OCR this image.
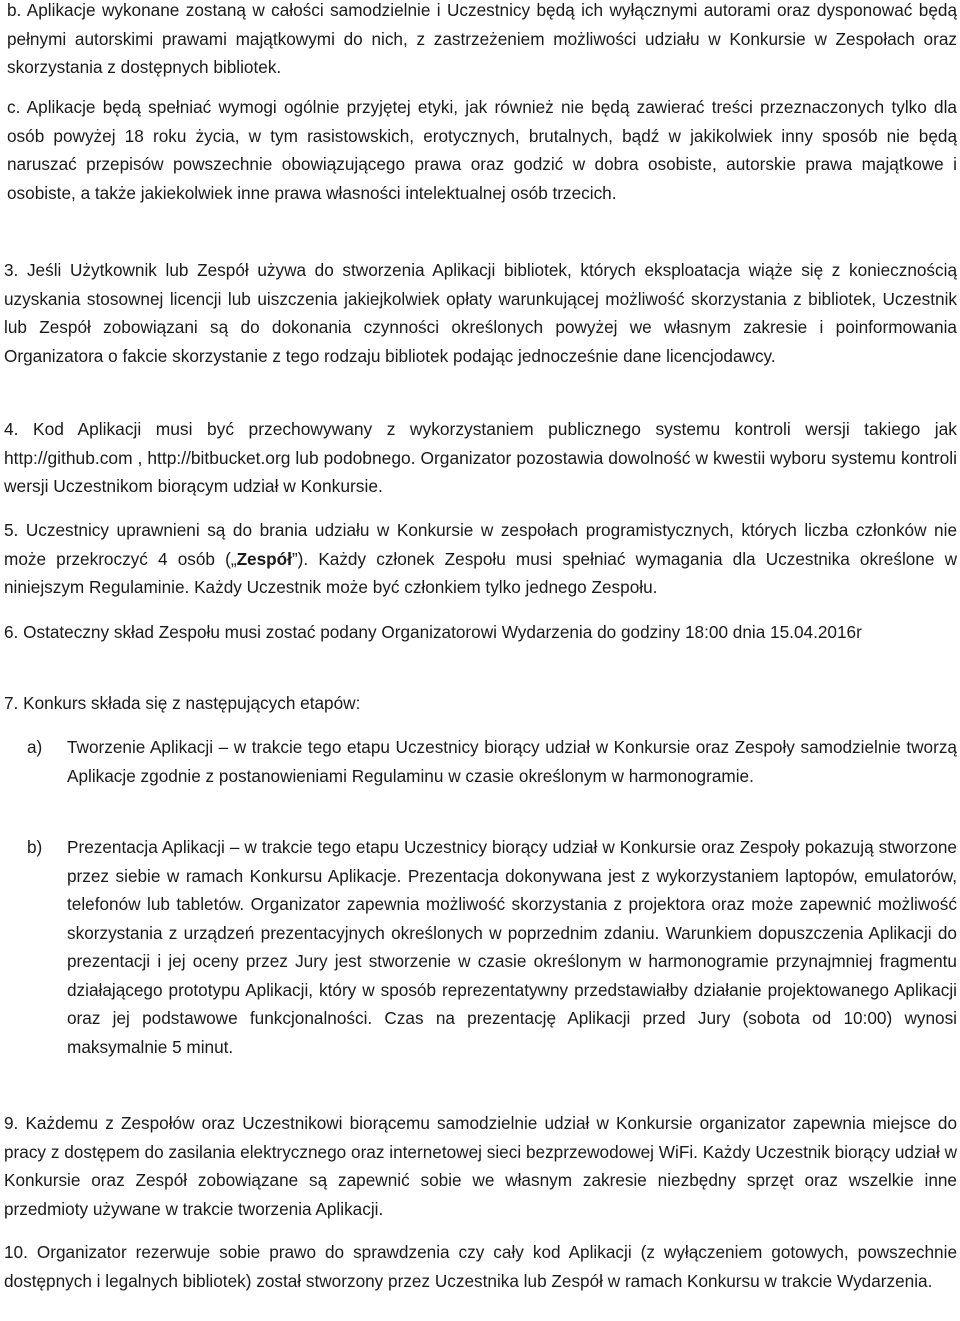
b. Aplikacje wykonane zostaną w całości samodzielnie i Uczestnicy będą ich wyłącznymi autorami oraz dysponować będą pełnymi autorskimi prawami majątkowymi do nich, z zastrzeżeniem możliwości udziału w Konkursie w Zespołach oraz skorzystania z dostępnych bibliotek.
c. Aplikacje będą spełniać wymogi ogólnie przyjętej etyki, jak również nie będą zawierać treści przeznaczonych tylko dla osób powyżej 18 roku życia, w tym rasistowskich, erotycznych, brutalnych, bądź w jakikolwiek inny sposób nie będą naruszać przepisów powszechnie obowiązującego prawa oraz godzić w dobra osobiste, autorskie prawa majątkowe i osobiste, a także jakiekolwiek inne prawa własności intelektualnej osób trzecich.
3. Jeśli Użytkownik lub Zespół używa do stworzenia Aplikacji bibliotek, których eksploatacja wiąże się z koniecznością uzyskania stosownej licencji lub uiszczenia jakiejkolwiek opłaty warunkującej możliwość skorzystania z bibliotek, Uczestnik lub Zespół zobowiązani są do dokonania czynności określonych powyżej we własnym zakresie i poinformowania Organizatora o fakcie skorzystanie z tego rodzaju bibliotek podając jednocześnie dane licencjodawcy.
4. Kod Aplikacji musi być przechowywany z wykorzystaniem publicznego systemu kontroli wersji takiego jak http://github.com , http://bitbucket.org lub podobnego. Organizator pozostawia dowolność w kwestii wyboru systemu kontroli wersji Uczestnikom biorącym udział w Konkursie.
5. Uczestnicy uprawnieni są do brania udziału w Konkursie w zespołach programistycznych, których liczba członków nie może przekroczyć 4 osób („Zespół”). Każdy członek Zespołu musi spełniać wymagania dla Uczestnika określone w niniejszym Regulaminie. Każdy Uczestnik może być członkiem tylko jednego Zespołu.
6. Ostateczny skład Zespołu musi zostać podany Organizatorowi Wydarzenia do godziny 18:00 dnia 15.04.2016r
7. Konkurs składa się z następujących etapów:
a) Tworzenie Aplikacji – w trakcie tego etapu Uczestnicy biorący udział w Konkursie oraz Zespoły samodzielnie tworzą Aplikacje zgodnie z postanowieniami Regulaminu w czasie określonym w harmonogramie.
b) Prezentacja Aplikacji – w trakcie tego etapu Uczestnicy biorący udział w Konkursie oraz Zespoły pokazują stworzone przez siebie w ramach Konkursu Aplikacje. Prezentacja dokonywana jest z wykorzystaniem laptopów, emulatorów, telefonów lub tabletów. Organizator zapewnia możliwość skorzystania z projektora oraz może zapewnić możliwość skorzystania z urządzeń prezentacyjnych określonych w poprzednim zdaniu. Warunkiem dopuszczenia Aplikacji do prezentacji i jej oceny przez Jury jest stworzenie w czasie określonym w harmonogramie przynajmniej fragmentu działającego prototypu Aplikacji, który w sposób reprezentatywny przedstawiałby działanie projektowanego Aplikacji oraz jej podstawowe funkcjonalności. Czas na prezentację Aplikacji przed Jury (sobota od 10:00) wynosi maksymalnie 5 minut.
9. Każdemu z Zespołów oraz Uczestnikowi biorącemu samodzielnie udział w Konkursie organizator zapewnia miejsce do pracy z dostępem do zasilania elektrycznego oraz internetowej sieci bezprzewodowej WiFi. Każdy Uczestnik biorący udział w Konkursie oraz Zespół zobowiązane są zapewnić sobie we własnym zakresie niezbędny sprzęt oraz wszelkie inne przedmioty używane w trakcie tworzenia Aplikacji.
10. Organizator rezerwuje sobie prawo do sprawdzenia czy cały kod Aplikacji (z wyłączeniem gotowych, powszechnie dostępnych i legalnych bibliotek) został stworzony przez Uczestnika lub Zespół w ramach Konkursu w trakcie Wydarzenia.
